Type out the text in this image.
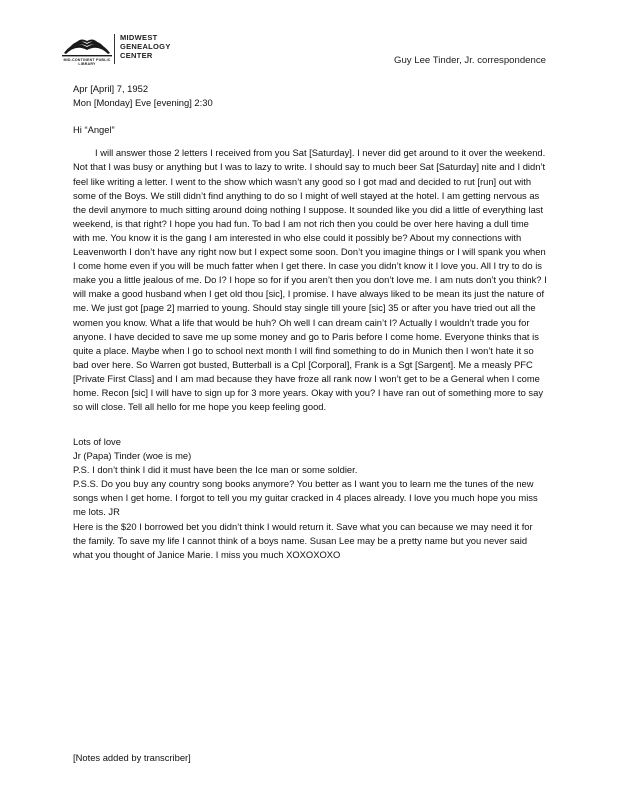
MID-CONTINENT PUBLIC LIBRARY
MIDWEST
GENEALOGY
CENTER	Guy Lee Tinder, Jr. correspondence
Apr [April] 7, 1952
Mon [Monday] Eve [evening] 2:30
Hi “Angel”

I will answer those 2 letters I received from you Sat [Saturday]. I never did get around to it over the weekend. Not that I was busy or anything but I was to lazy to write. I should say to much beer Sat [Saturday] nite and I didn’t feel like writing a letter. I went to the show which wasn’t any good so I got mad and decided to rut [run] out with some of the Boys. We still didn’t find anything to do so I might of well stayed at the hotel. I am getting nervous as the devil anymore to much sitting around doing nothing I suppose. It sounded like you did a little of everything last weekend, is that right? I hope you had fun. To bad I am not rich then you could be over here having a dull time with me. You know it is the gang I am interested in who else could it possibly be? About my connections with Leavenworth I don’t have any right now but I expect some soon. Don’t you imagine things or I will spank you when I come home even if you will be much fatter when I get there. In case you didn’t know it I love you. All I try to do is make you a little jealous of me. Do I? I hope so for if you aren’t then you don’t love me. I am nuts don’t you think? I will make a good husband when I get old thou [sic], I promise. I have always liked to be mean its just the nature of me. We just got [page 2] married to young. Should stay single till youre [sic] 35 or after you have tried out all the women you know. What a life that would be huh? Oh well I can dream cain’t I? Actually I wouldn’t trade you for anyone. I have decided to save me up some money and go to Paris before I come home. Everyone thinks that is quite a place. Maybe when I go to school next month I will find something to do in Munich then I won’t hate it so bad over here. So Warren got busted, Butterball is a Cpl [Corporal], Frank is a Sgt [Sargent]. Me a measly PFC [Private First Class] and I am mad because they have froze all rank now I won’t get to be a General when I come home. Recon [sic] I will have to sign up for 3 more years. Okay with you? I have ran out of something more to say so will close. Tell all hello for me hope you keep feeling good.

Lots of love

Jr (Papa) Tinder (woe is me)

P.S. I don’t think I did it must have been the Ice man or some soldier.

P.S.S. Do you buy any country song books anymore? You better as I want you to learn me the tunes of the new songs when I get home. I forgot to tell you my guitar cracked in 4 places already. I love you much hope you miss me lots. JR

Here is the $20 I borrowed bet you didn’t think I would return it. Save what you can because we may need it for the family. To save my life I cannot think of a boys name. Susan Lee may be a pretty name but you never said what you thought of Janice Marie. I miss you much XOXOXOXO

[Notes added by transcriber]
